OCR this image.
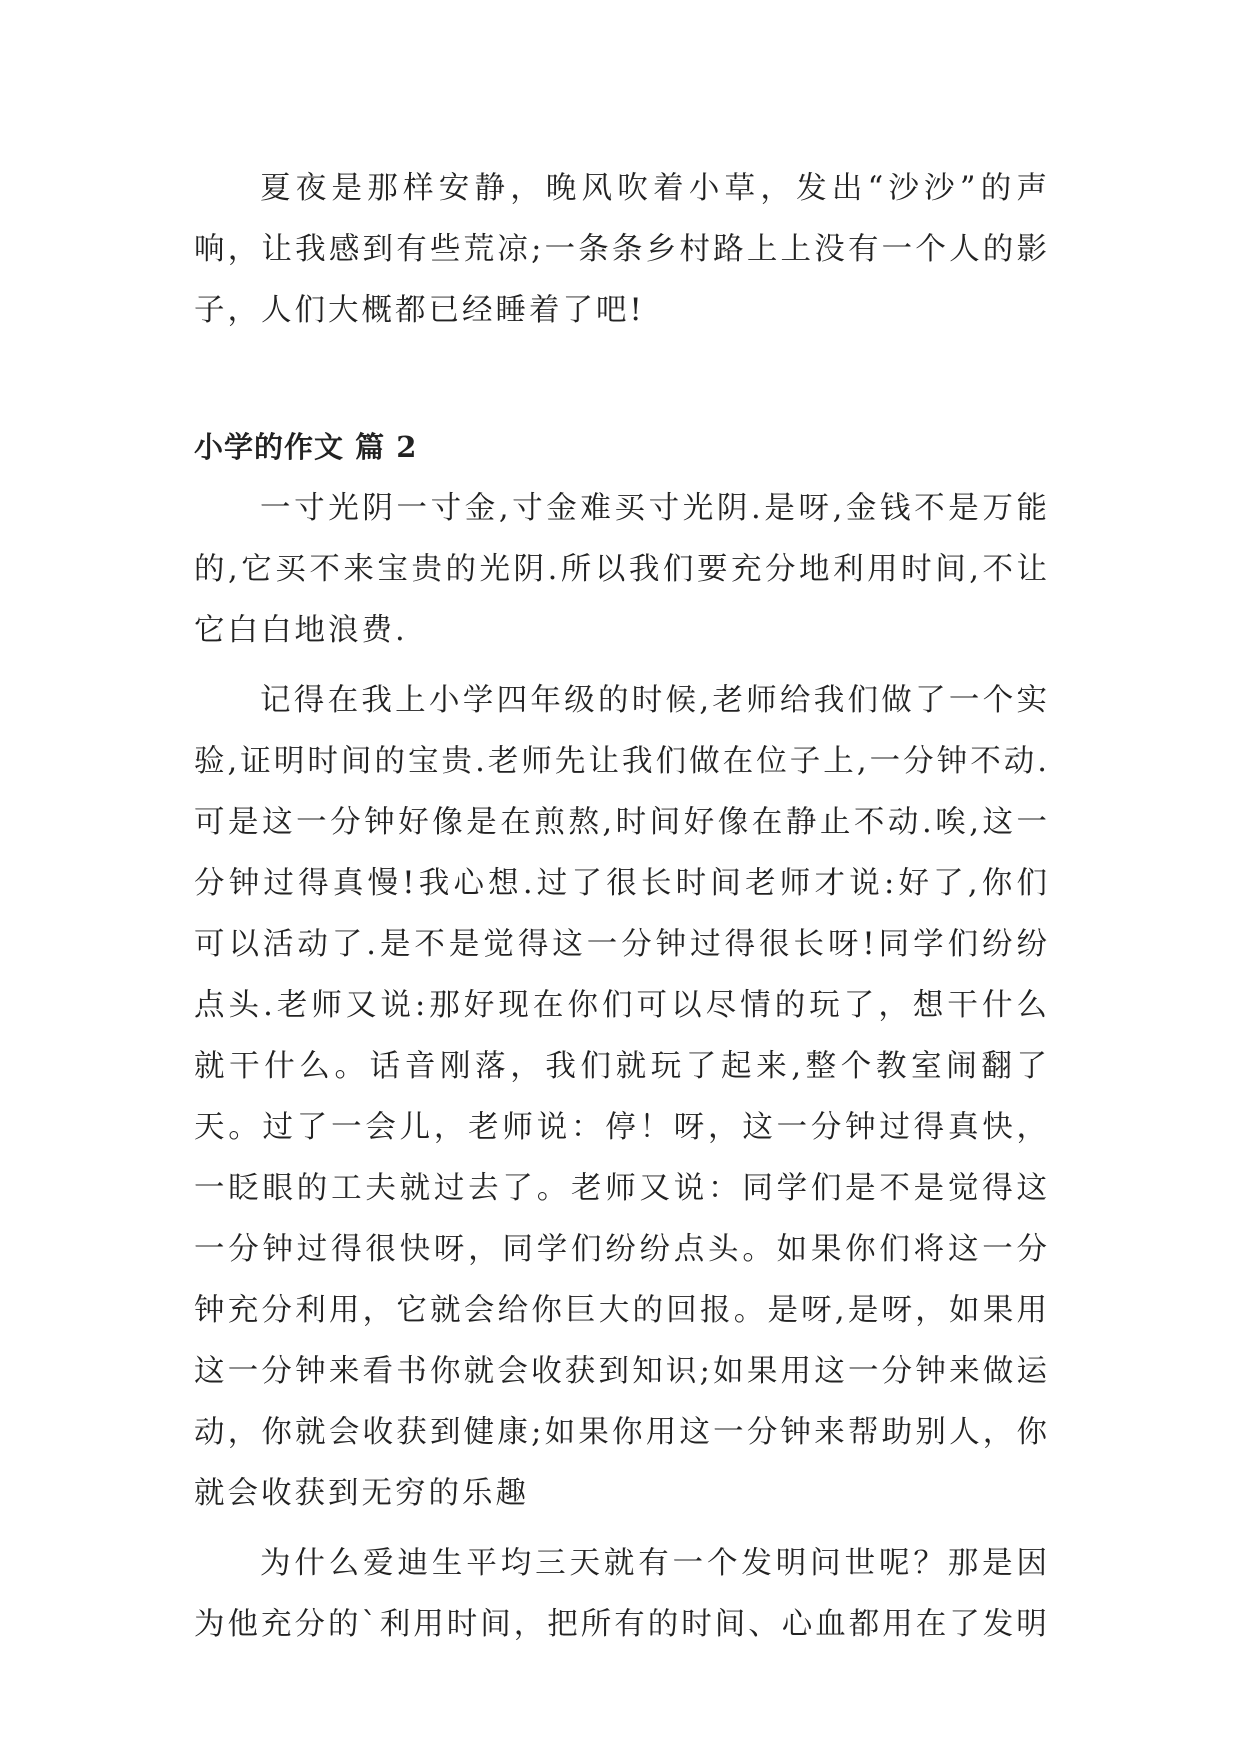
夏夜是那样安静，晚风吹着小草，发出“沙沙”的声响，让我感到有些荒凉;一条条乡村路上上没有一个人的影子，人们大概都已经睡着了吧!

小学的作文 篇 2

一寸光阴一寸金,寸金难买寸光阴.是呀,金钱不是万能的,它买不来宝贵的光阴.所以我们要充分地利用时间,不让它白白地浪费.

记得在我上小学四年级的时候,老师给我们做了一个实验,证明时间的宝贵.老师先让我们做在位子上,一分钟不动.可是这一分钟好像是在煎熬,时间好像在静止不动.唉,这一分钟过得真慢!我心想.过了很长时间老师才说:好了,你们可以活动了.是不是觉得这一分钟过得很长呀!同学们纷纷点头.老师又说:那好现在你们可以尽情的玩了，想干什么就干什么。话音刚落，我们就玩了起来,整个教室闹翻了天。过了一会儿，老师说：停！呀，这一分钟过得真快，一眨眼的工夫就过去了。老师又说：同学们是不是觉得这一分钟过得很快呀，同学们纷纷点头。如果你们将这一分钟充分利用，它就会给你巨大的回报。是呀,是呀，如果用这一分钟来看书你就会收获到知识;如果用这一分钟来做运动，你就会收获到健康;如果你用这一分钟来帮助别人，你就会收获到无穷的乐趣

为什么爱迪生平均三天就有一个发明问世呢？那是因为他充分的`利用时间，把所有的时间、心血都用在了发明
